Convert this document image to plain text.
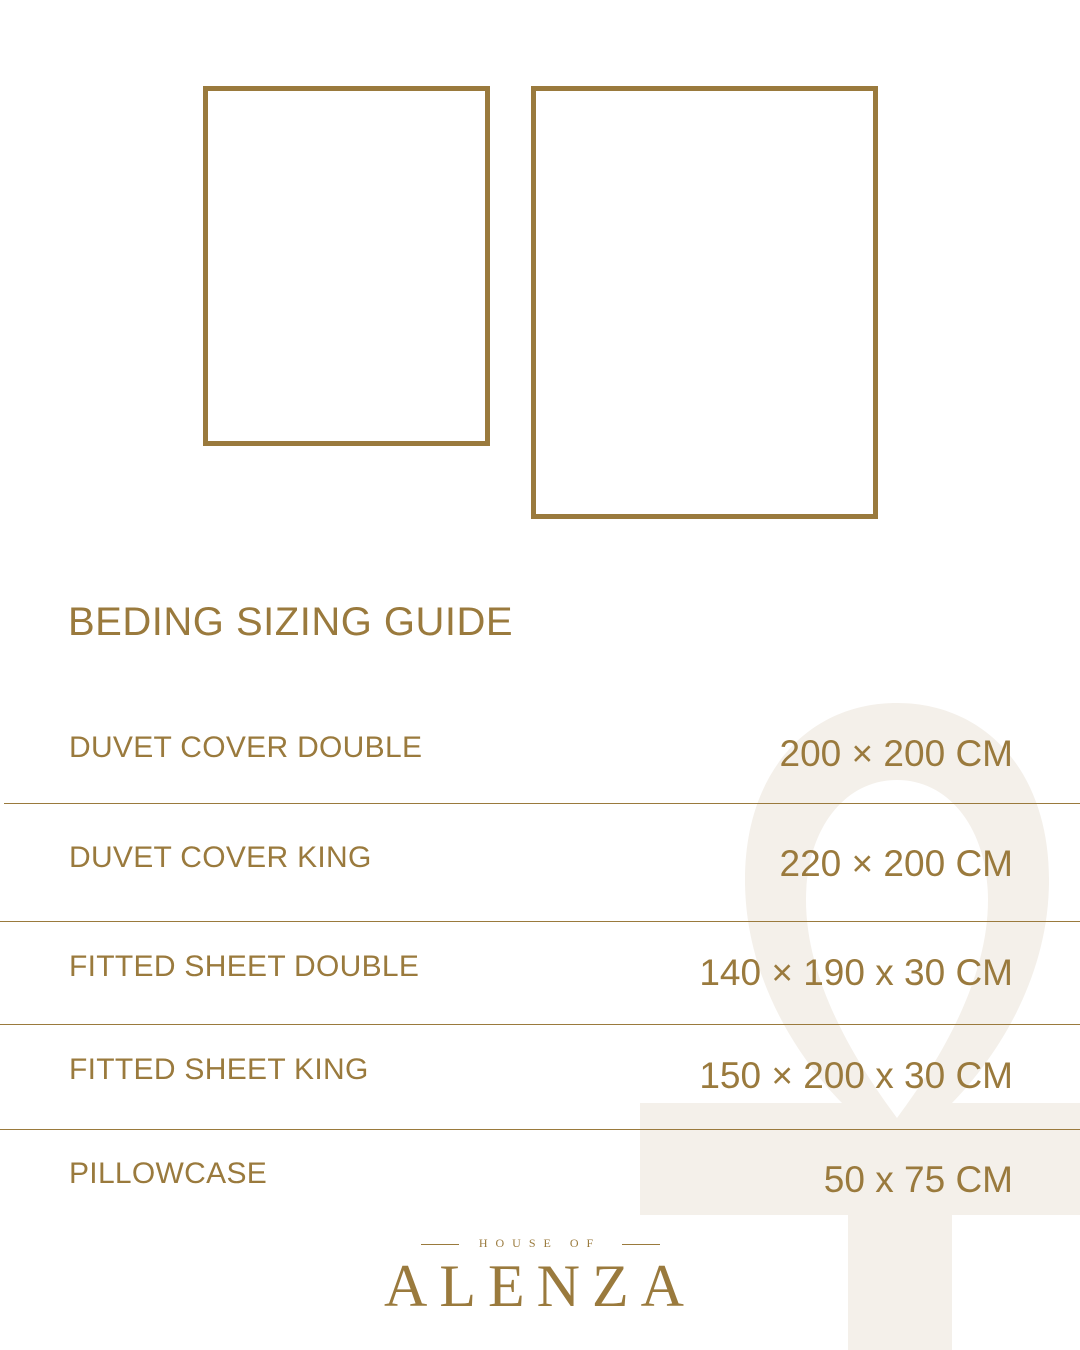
BEDING SIZING GUIDE
DUVET COVER DOUBLE	200 × 200 CM
DUVET COVER KING	220 × 200 CM
FITTED SHEET DOUBLE	140 × 190 x 30 CM
FITTED SHEET KING	150 × 200 x 30 CM
PILLOWCASE	50 x 75 CM
HOUSE OF
ALENZA
